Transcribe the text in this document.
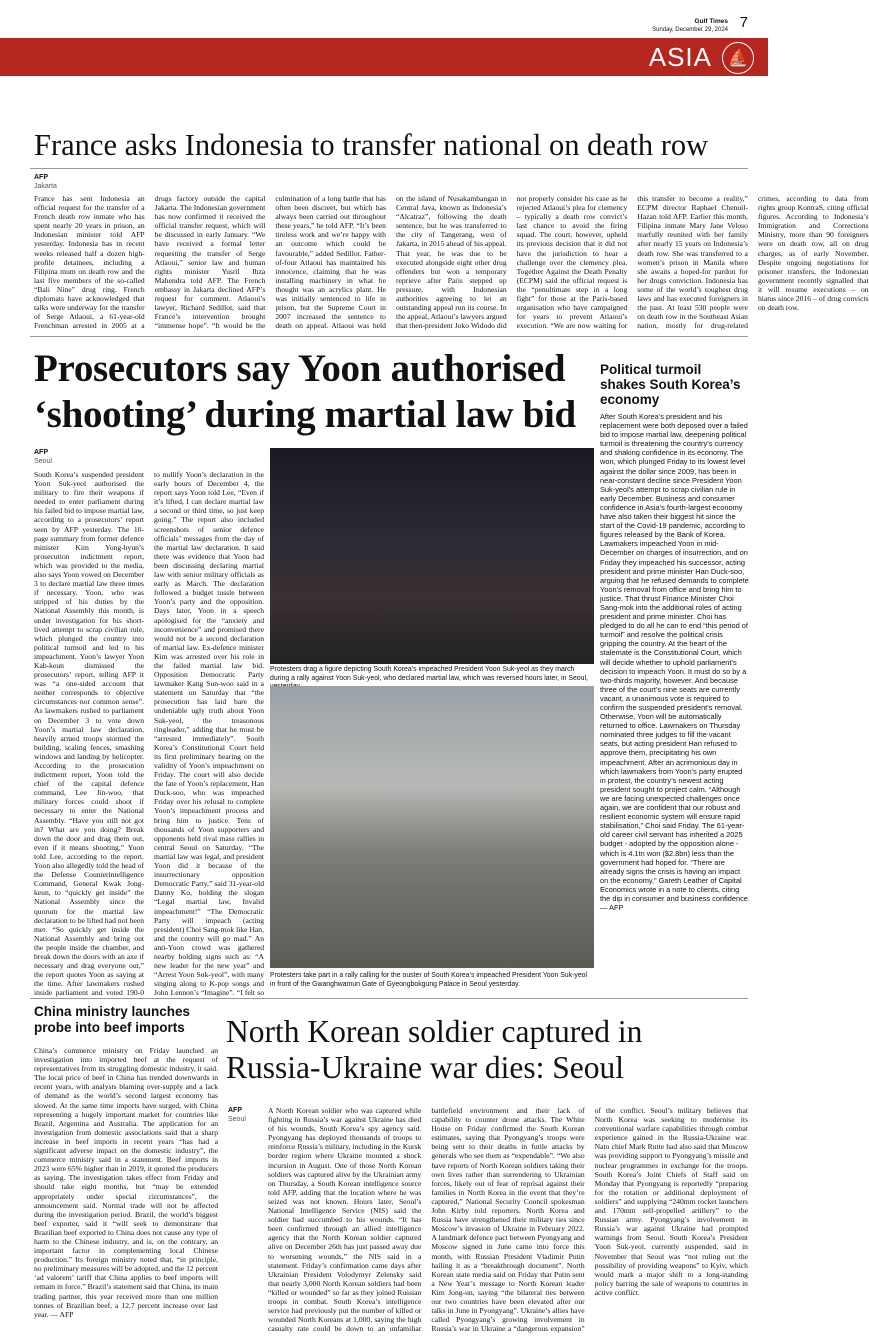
Gulf Times
Sunday, December 29, 2024 7
ASIA	⛵
France asks Indonesia to transfer national on death row
AFP
Jakarta

France has sent Indonesia an official request for the transfer of a French death row inmate who has spent nearly 20 years in prison, an Indonesian minister told AFP yesterday. Indonesia has in recent weeks released half a dozen high-profile detainees, including a Filipina mum on death row and the last five members of the so-called “Bali Nine” drug ring. French diplomats have acknowledged that talks were underway for the transfer of Serge Atlaoui, a 61-year-old Frenchman arrested in 2005 at a drugs factory outside the capital Jakarta. The Indonesian government has now confirmed it received the official transfer request, which will be discussed in early January. “We have received a formal letter requesting the transfer of Serge Atlaoui,” senior law and human rights minister Yusril Ihza Mahendra told AFP. The French embassy in Jakarta declined AFP’s request for comment. Atlaoui’s lawyer, Richard Sedillot, said that France’s intervention brought “immense hope”. “It would be the culmination of a long battle that has often been discreet, but which has always been carried out throughout these years,” he told AFP. “It’s been tireless work and we’re happy with an outcome which could be favourable,” added Sedillot. Father-of-four Atlaoui has maintained his innocence, claiming that he was installing machinery in what he thought was an acrylics plant. He was initially sentenced to life in prison, but the Supreme Court in 2007 increased the sentence to death on appeal. Atlaoui was held on the island of Nusakambangan in Central Java, known as Indonesia’s “Alcatraz”, following the death sentence, but he was transferred to the city of Tangerang, west of Jakarta, in 2015 ahead of his appeal. That year, he was due to be executed alongside eight other drug offenders but won a temporary reprieve after Paris stepped up pressure, with Indonesian authorities agreeing to let an outstanding appeal run its course. In the appeal, Atlaoui’s lawyers argued that then-president Joko Widodo did not properly consider his case as he rejected Atlaoui’s plea for clemency – typically a death row convict’s last chance to avoid the firing squad. The court, however, upheld its previous decision that it did not have the jurisdiction to hear a challenge over the clemency plea. Together Against the Death Penalty (ECPM) said the official request is the “penultimate step in a long fight” for those at the Paris-based organisation who have campaigned for years to prevent Atlaoui’s execution. “We are now waiting for this transfer to become a reality,” ECPM director Raphael Chenuil-Hazan told AFP. Earlier this month, Filipina inmate Mary Jane Veloso tearfully reunited with her family after nearly 15 years on Indonesia’s death row. She was transferred to a women’s prison in Manila where she awaits a hoped-for pardon for her drugs conviction. Indonesia has some of the world’s toughest drug laws and has executed foreigners in the past. At least 530 people were on death row in the Southeast Asian nation, mostly for drug-related crimes, according to data from rights group KontraS, citing official figures. According to Indonesia’s Immigration and Corrections Ministry, more than 90 foreigners were on death row, all on drug charges, as of early November. Despite ongoing negotiations for prisoner transfers, the Indonesian government recently signalled that it will resume executions – on hiatus since 2016 – of drug convicts on death row.

Prosecutors say Yoon authorised
‘shooting’ during martial law bid
AFP
Seoul

South Korea’s suspended president Yoon Suk-yeol authorised the military to fire their weapons if needed to enter parliament during his failed bid to impose martial law, according to a prosecutors’ report seen by AFP yesterday. The 10-page summary from former defence minister Kim Yong-hyun’s prosecution indictment report, which was provided to the media, also says Yoon vowed on December 3 to declare martial law three times if necessary. Yoon, who was stripped of his duties by the National Assembly this month, is under investigation for his short-lived attempt to scrap civilian rule, which plunged the country into political turmoil and led to his impeachment. Yoon’s lawyer Yoon Kab-keun dismissed the prosecutors’ report, telling AFP it was “a one-sided account that neither corresponds to objective circumstances nor common sense”. As lawmakers rushed to parliament on December 3 to vote down Yoon’s martial law declaration, heavily armed troops stormed the building, scaling fences, smashing windows and landing by helicopter. According to the prosecution indictment report, Yoon told the chief of the capital defence command, Lee Jin-woo, that military forces could shoot if necessary to enter the National Assembly. “Have you still not got in? What are you doing? Break down the door and drag them out, even if it means shooting,” Yoon told Lee, according to the report. Yoon also allegedly told the head of the Defense Counterintelligence Command, General Kwak Jong-keun, to “quickly get inside” the National Assembly since the quorum for the martial law declaration to be lifted had not been met. “So quickly get inside the National Assembly and bring out the people inside the chamber, and break down the doors with an axe if necessary and drag everyone out,” the report quotes Yoon as saying at the time. After lawmakers rushed inside parliament and voted 190-0 to nullify Yoon’s declaration in the early hours of December 4, the report says Yoon told Lee, “Even if it’s lifted, I can declare martial law a second or third time, so just keep going.” The report also included screenshots of senior defence officials’ messages from the day of the martial law declaration. It said there was evidence that Yoon had been discussing declaring martial law with senior military officials as early as March. The declaration followed a budget tussle between Yoon’s party and the opposition. Days later, Yoon in a speech apologised for the “anxiety and inconvenience” and promised there would not be a second declaration of martial law. Ex-defence minister Kim was arrested over his role in the failed martial law bid. Opposition Democratic Party lawmaker Kang Sun-woo said in a statement on Saturday that “the prosecution has laid bare the undeniable ugly truth about Yoon Suk-yeol, the treasonous ringleader,” adding that he must be “arrested immediately”. South Korea’s Constitutional Court held its first preliminary hearing on the validity of Yoon’s impeachment on Friday. The court will also decide the fate of Yoon’s replacement, Han Duck-soo, who was impeached Friday over his refusal to complete Yoon’s impeachment process and bring him to justice. Tens of thousands of Yoon supporters and opponents held rival mass rallies in central Seoul on Saturday. “The martial law was legal, and president Yoon did it because of the insurrectionary opposition Democratic Party,” said 31-year-old Danny Ko, holding the slogan “Legal martial law, Invalid impeachment!” “The Democratic Party will impeach (acting president) Choi Sang-mok like Han, and the country will go mad.” An anti-Yoon crowd was gathered nearby holding signs such as: “A new leader for the new year” and “Arrest Yoon Suk-yeol”, with many singing along to K-pop songs and John Lennon’s “Imagine”. “I felt so

Protesters drag a figure depicting South Korea’s impeached President Yoon Suk-yeol as they march during a rally against Yoon Suk-yeol, who declared martial law, which was reversed hours later, in Seoul,
Protesters take part in a rally calling for the ouster of South Korea’s impeached President Yoon Suk-yeol in front of the Gwanghwamun Gate of Gyeongbokgung Palace in Seoul yesterday.
Political turmoil shakes South Korea’s economy

After South Korea’s president and his replacement were both deposed over a failed bid to impose martial law, deepening political turmoil is threatening the country’s currency and shaking confidence in its economy. The won, which plunged Friday to its lowest level against the dollar since 2009, has been in near-constant decline since President Yoon Suk-yeol’s attempt to scrap civilian rule in early December. Business and consumer confidence in Asia’s fourth-largest economy have also taken their biggest hit since the start of the Covid-19 pandemic, according to figures released by the Bank of Korea. Lawmakers impeached Yoon in mid-December on charges of insurrection, and on Friday they impeached his successor, acting president and prime minister Han Duck-soo, arguing that he refused demands to complete Yoon’s removal from office and bring him to justice. That thrust Finance Minister Choi Sang-mok into the additional roles of acting president and prime minister. Choi has pledged to do all he can to end “this period of turmoil” and resolve the political crisis gripping the country. At the heart of the stalemate is the Constitutional Court, which will decide whether to uphold parliament’s decision to impeach Yoon. It must do so by a two-thirds majority, however. And because three of the court’s nine seats are currently vacant, a unanimous vote is required to confirm the suspended president’s removal. Otherwise, Yoon will be automatically returned to office. Lawmakers on Thursday nominated three judges to fill the vacant seats, but acting president Han refused to approve them, precipitating his own impeachment. After an acrimonious day in which lawmakers from Yoon’s party erupted in protest, the country’s newest acting president sought to project calm. “Although we are facing unexpected challenges once again, we are confident that our robust and resilient economic system will ensure rapid stabilisation,” Choi said Friday. The 61-year-old career civil servant has inherited a 2025 budget - adopted by the opposition alone - which is 4.1tn won ($2.8bn) less than the government had hoped for. “There are already signs the crisis is having an impact on the economy,” Gareth Leather of Capital Economics wrote in a note to clients, citing the dip in consumer and business confidence. — AFP

China ministry launches probe into beef imports

China’s commerce ministry on Friday launched an investigation into imported beef at the request of representatives from its struggling domestic industry, it said. The local price of beef in China has trended downwards in recent years, with analysts blaming over-supply and a lack of demand as the world’s second largest economy has slowed. At the same time imports have surged, with China representing a hugely important market for countries like Brazil, Argentina and Australia. The application for an investigation from domestic associations said that a sharp increase in beef imports in recent years “has had a significant adverse impact on the domestic industry”, the commerce ministry said in a statement. Beef imports in 2023 were 65% higher than in 2019, it quoted the producers as saying. The investigation takes effect from Friday and should take eight months, but “may be extended appropriately under special circumstances”, the announcement said. Normal trade will not be affected during the investigation period. Brazil, the world’s biggest beef exporter, said it “will seek to demonstrate that Brazilian beef exported to China does not cause any type of harm to the Chinese industry, and is, on the contrary, an important factor in complementing local Chinese production.” Its foreign ministry noted that, “in principle, no preliminary measures will be adopted, and the 12 percent ‘ad valorem’ tariff that China applies to beef imports will remain in force.” Brazil’s statement said that China, its main trading partner, this year received more than one million tonnes of Brazilian beef, a 12.7 percent increase over last year. — AFP

North Korean soldier captured in
Russia-Ukraine war dies: Seoul
AFP
Seoul

A North Korean soldier who was captured while fighting in Russia’s war against Ukraine has died of his wounds, South Korea’s spy agency said. Pyongyang has deployed thousands of troops to reinforce Russia’s military, including in the Kursk border region where Ukraine mounted a shock incursion in August. One of those North Korean soldiers was captured alive by the Ukrainian army on Thursday, a South Korean intelligence source told AFP, adding that the location where he was seized was not known. Hours later, Seoul’s National Intelligence Service (NIS) said the soldier had succumbed to his wounds. “It has been confirmed through an allied intelligence agency that the North Korean soldier captured alive on December 26th has just passed away due to worsening wounds,” the NIS said in a statement. Friday’s confirmation came days after Ukrainian President Volodymyr Zelensky said that nearly 3,000 North Korean soldiers had been “killed or wounded” so far as they joined Russian troops in combat. South Korea’s intelligence service had previously put the number of killed or wounded North Koreans at 1,000, saying the high casualty rate could be down to an unfamiliar battlefield environment and their lack of capability to counter drone attacks. The White House on Friday confirmed the South Korean estimates, saying that Pyongyang’s troops were being sent to their deaths in futile attacks by generals who see them as “expendable”. “We also have reports of North Korean soldiers taking their own lives rather than surrendering to Ukrainian forces, likely out of fear of reprisal against their families in North Korea in the event that they’re captured,” National Security Council spokesman John Kirby told reporters. North Korea and Russia have strengthened their military ties since Moscow’s invasion of Ukraine in February 2022. A landmark defence pact between Pyongyang and Moscow signed in June came into force this month, with Russian President Vladimir Putin hailing it as a “breakthrough document”. North Korean state media said on Friday that Putin sent a New Year’s message to North Korean leader Kim Jong-un, saying “the bilateral ties between our two countries have been elevated after our talks in June in Pyongyang”. Ukraine’s allies have called Pyongyang’s growing involvement in Russia’s war in Ukraine a “dangerous expansion” of the conflict. Seoul’s military believes that North Korea was seeking to modernise its conventional warfare capabilities through combat experience gained in the Russia-Ukraine war. Nato chief Mark Rutte had also said that Moscow was providing support to Pyongyang’s missile and nuclear programmes in exchange for the troops. South Korea’s Joint Chiefs of Staff said on Monday that Pyongyang is reportedly “preparing for the rotation or additional deployment of soldiers” and supplying “240mm rocket launchers and 170mm self-propelled artillery” to the Russian army. Pyongyang’s involvement in Russia’s war against Ukraine had prompted warnings from Seoul. South Korea’s President Yoon Suk-yeol, currently suspended, said in November that Seoul was “not ruling out the possibility of providing weapons” to Kyiv, which would mark a major shift to a long-standing policy barring the sale of weapons to countries in active conflict.
